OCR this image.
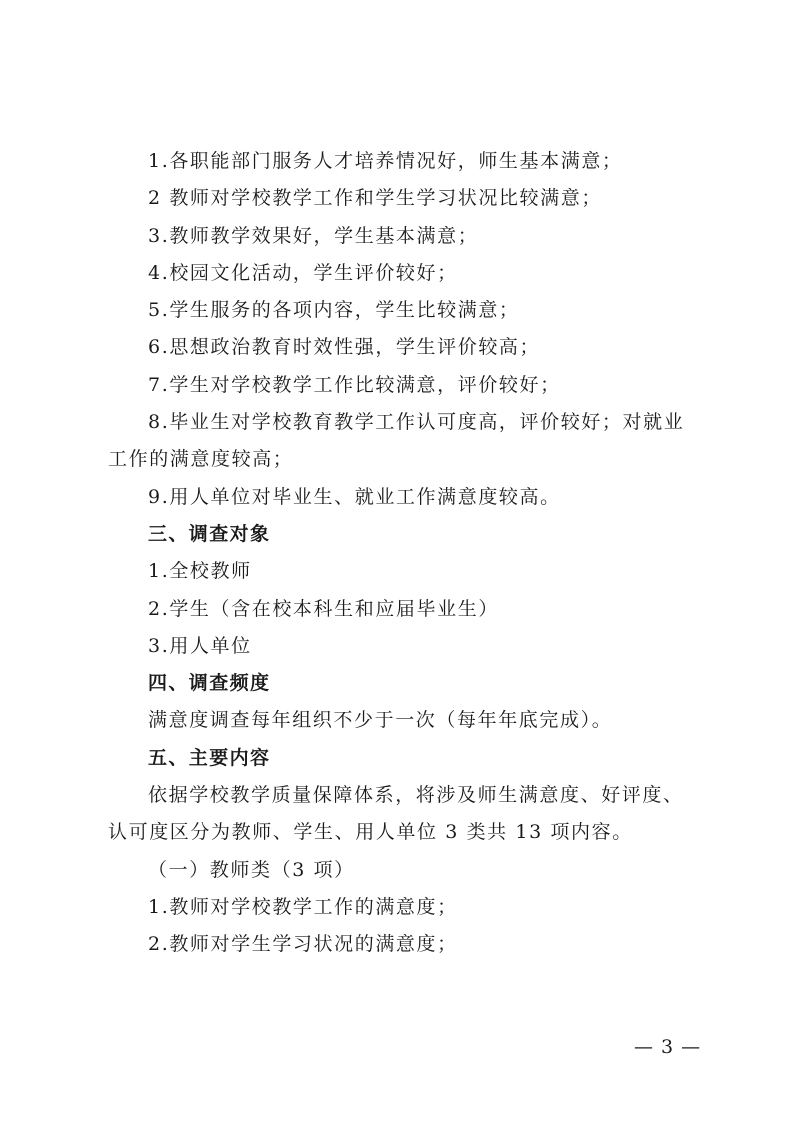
1.各职能部门服务人才培养情况好，师生基本满意；

2 教师对学校教学工作和学生学习状况比较满意；

3.教师教学效果好，学生基本满意；

4.校园文化活动，学生评价较好；

5.学生服务的各项内容，学生比较满意；

6.思想政治教育时效性强，学生评价较高；

7.学生对学校教学工作比较满意，评价较好；

8.毕业生对学校教育教学工作认可度高，评价较好；对就业

工作的满意度较高；

9.用人单位对毕业生、就业工作满意度较高。

三、调查对象

1.全校教师

2.学生（含在校本科生和应届毕业生）

3.用人单位

四、调查频度

满意度调查每年组织不少于一次（每年年底完成）。

五、主要内容

依据学校教学质量保障体系，将涉及师生满意度、好评度、

认可度区分为教师、学生、用人单位 3 类共 13 项内容。

（一）教师类（3 项）

1.教师对学校教学工作的满意度；

2.教师对学生学习状况的满意度；

— 3 —
